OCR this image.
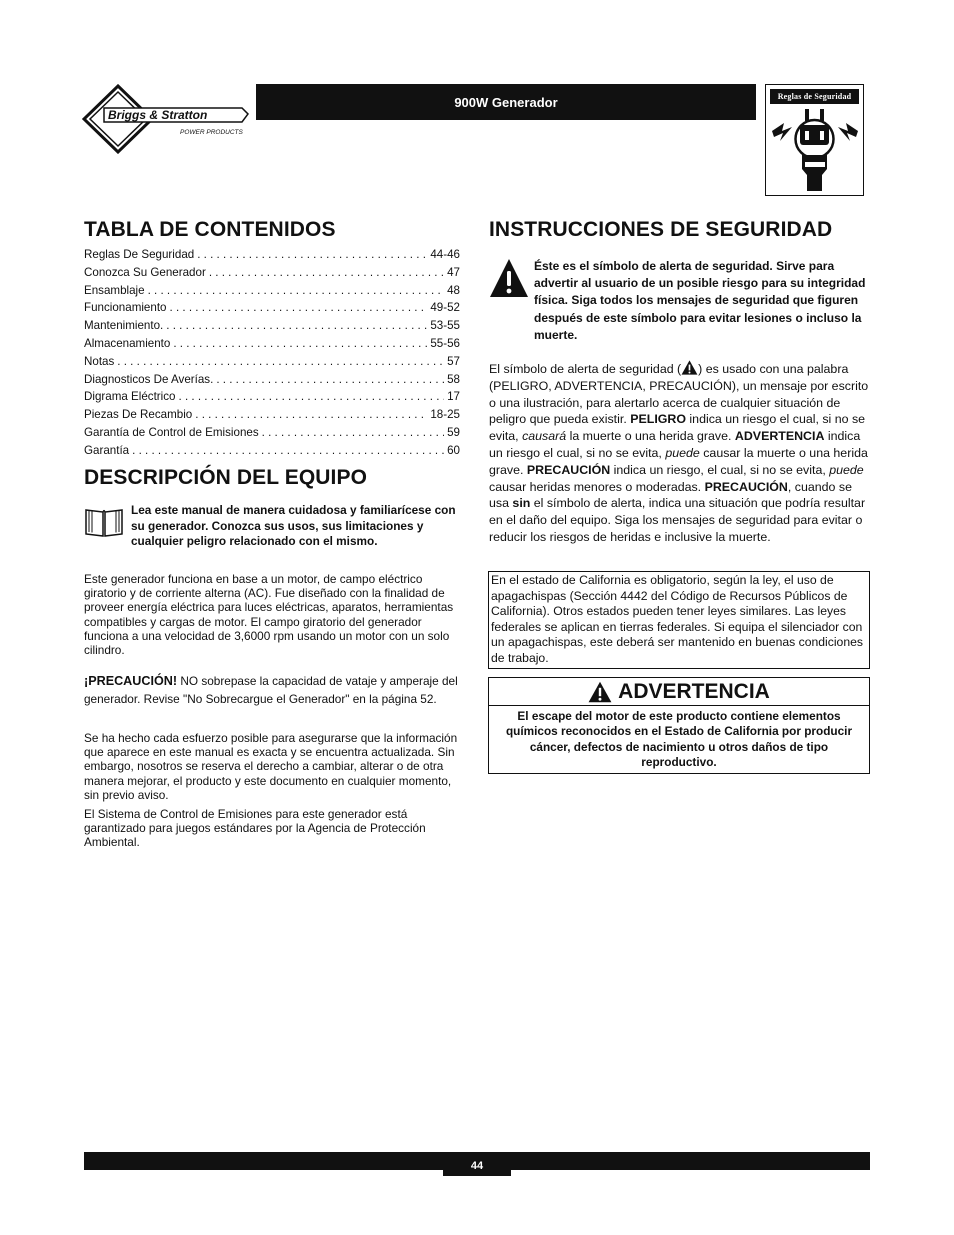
Briggs & Stratton
POWER PRODUCTS
900W Generador	Reglas de Seguridad
TABLA DE CONTENIDOS
Reglas De Seguridad . . .	44-46
Conozca Su Generador . . .	47
Ensamblaje . . .	48
Funcionamiento . . .	49-52
Mantenimiento. . . .	53-55
Almacenamiento . . .	55-56
Notas . . .	57
Diagnosticos De Averías. . . .	58
Digrama Eléctrico . . .	17
Piezas De Recambio . . .	18-25
Garantía de Control de Emisiones . . .	59
Garantía . . .	60
DESCRIPCIÓN DEL EQUIPO
Lea este manual de manera cuidadosa y familiarícese con su generador. Conozca sus usos, sus limitaciones y cualquier peligro relacionado con el mismo.
Este generador funciona en base a un motor, de campo eléctrico giratorio y de corriente alterna (AC). Fue diseñado con la finalidad de proveer energía eléctrica para luces eléctricas, aparatos, herramientas compatibles y cargas de motor. El campo giratorio del generador funciona a una velocidad de 3,6000 rpm usando un motor con un solo cilindro.
¡PRECAUCIÓN! NO sobrepase la capacidad de vataje y amperaje del generador. Revise "No Sobrecargue el Generador" en la página 52.
Se ha hecho cada esfuerzo posible para asegurarse que la información que aparece en este manual es exacta y se encuentra actualizada. Sin embargo, nosotros se reserva el derecho a cambiar, alterar o de otra manera mejorar, el producto y este documento en cualquier momento, sin previo aviso.
El Sistema de Control de Emisiones para este generador está garantizado para juegos estándares por la Agencia de Protección Ambiental.
INSTRUCCIONES DE SEGURIDAD
Éste es el símbolo de alerta de seguridad. Sirve para advertir al usuario de un posible riesgo para su integridad física. Siga todos los mensajes de seguridad que figuren después de este símbolo para evitar lesiones o incluso la muerte.
El símbolo de alerta de seguridad ( ) es usado con una palabra (PELIGRO, ADVERTENCIA, PRECAUCIÓN), un mensaje por escrito o una ilustración, para alertarlo acerca de cualquier situación de peligro que pueda existir. PELIGRO indica un riesgo el cual, si no se evita, causará la muerte o una herida grave. ADVERTENCIA indica un riesgo el cual, si no se evita, puede causar la muerte o una herida grave. PRECAUCIÓN indica un riesgo, el cual, si no se evita, puede causar heridas menores o moderadas. PRECAUCIÓN, cuando se usa sin el símbolo de alerta, indica una situación que podría resultar en el daño del equipo. Siga los mensajes de seguridad para evitar o reducir los riesgos de heridas e inclusive la muerte.
En el estado de California es obligatorio, según la ley, el uso de apagachispas (Sección 4442 del Código de Recursos Públicos de California). Otros estados pueden tener leyes similares. Las leyes federales se aplican en tierras federales. Si equipa el silenciador con un apagachispas, este deberá ser mantenido en buenas condiciones de trabajo.
ADVERTENCIA
El escape del motor de este producto contiene elementos químicos reconocidos en el Estado de California por producir cáncer, defectos de nacimiento u otros daños de tipo reproductivo.
44
